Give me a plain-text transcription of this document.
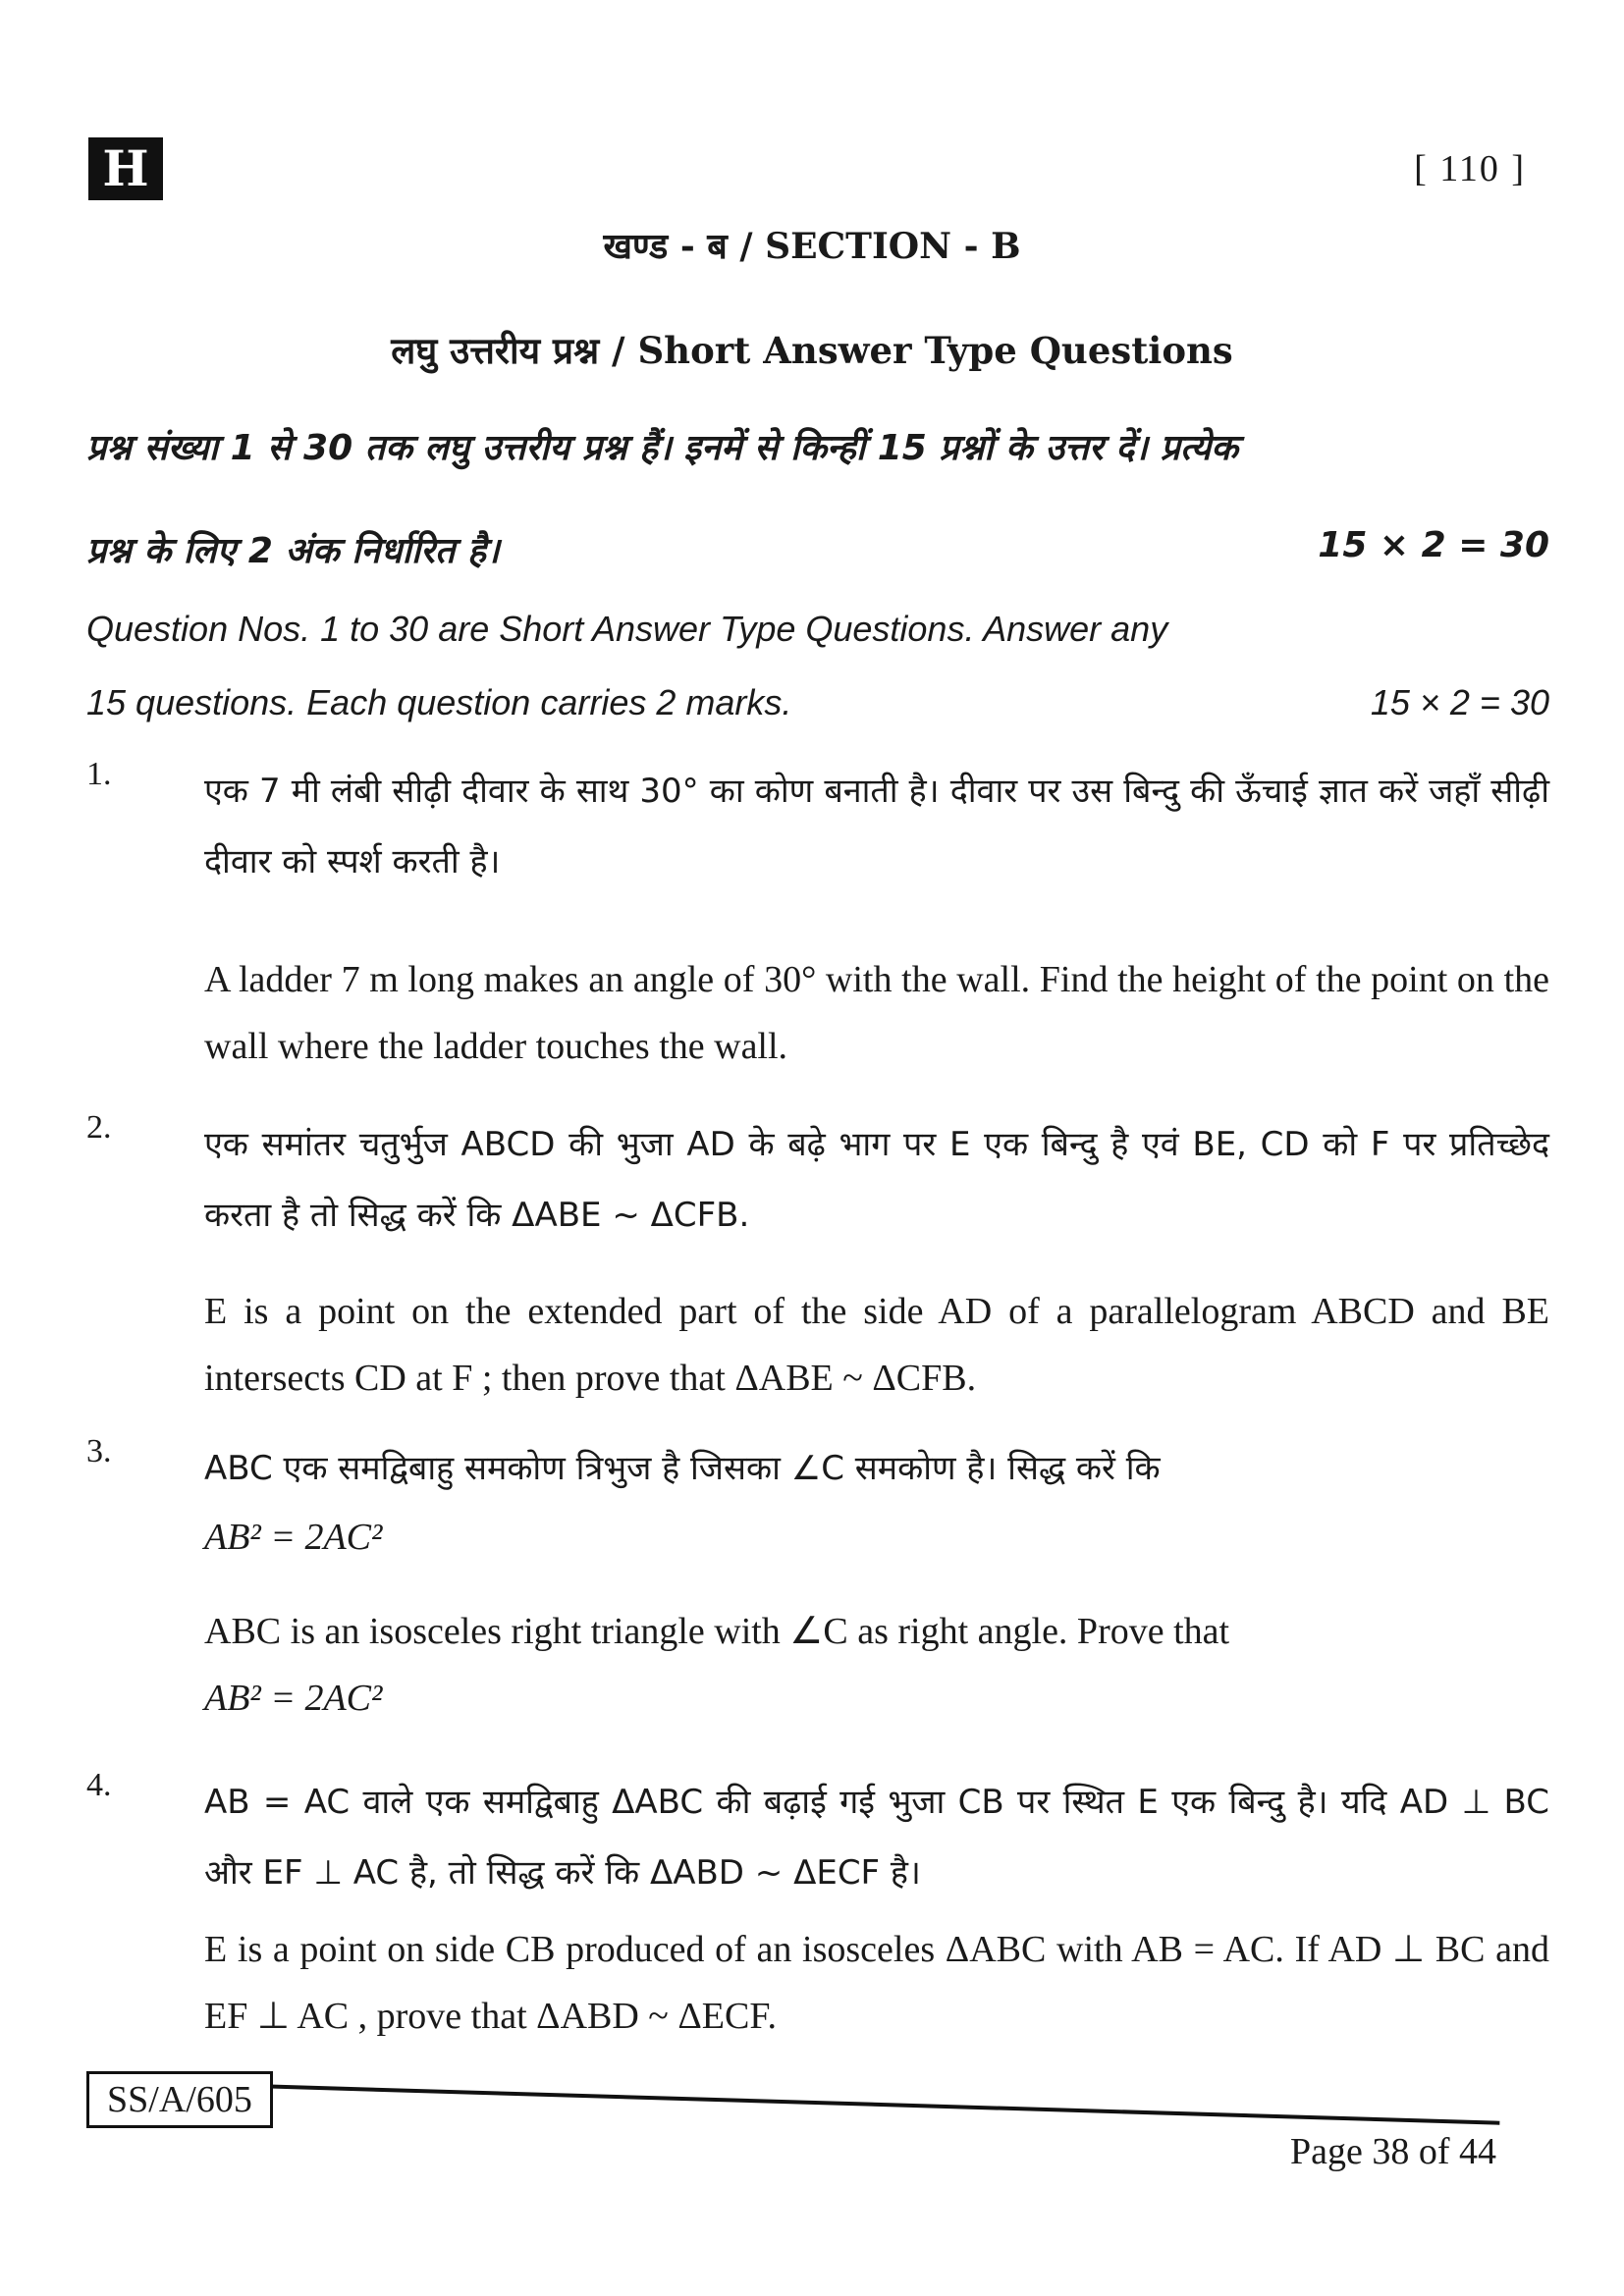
H	[ 110 ]
खण्ड - ब / SECTION - B
लघु उत्तरीय प्रश्न / Short Answer Type Questions
प्रश्न संख्या 1 से 30 तक लघु उत्तरीय प्रश्न हैं। इनमें से किन्हीं 15 प्रश्नों के उत्तर दें। प्रत्येक
प्रश्न के लिए 2 अंक निर्धारित है।	15 × 2 = 30
Question Nos. 1 to 30 are Short Answer Type Questions. Answer any
15 questions. Each question carries 2 marks.	15 × 2 = 30
1.	एक 7 मी लंबी सीढ़ी दीवार के साथ 30° का कोण बनाती है। दीवार पर उस बिन्दु की ऊँचाई ज्ञात करें जहाँ सीढ़ी दीवार को स्पर्श करती है।
A ladder 7 m long makes an angle of 30° with the wall. Find the height of the point on the wall where the ladder touches the wall.
2.	एक समांतर चतुर्भुज ABCD की भुजा AD के बढ़े भाग पर E एक बिन्दु है एवं BE, CD को F पर प्रतिच्छेद करता है तो सिद्ध करें कि ΔABE ~ ΔCFB.
E is a point on the extended part of the side AD of a parallelogram ABCD and BE intersects CD at F ; then prove that ΔABE ~ ΔCFB.
3.	ABC एक समद्विबाहु समकोण त्रिभुज है जिसका ∠C समकोण है। सिद्ध करें कि
AB² = 2AC²
ABC is an isosceles right triangle with ∠C as right angle. Prove that
AB² = 2AC²
4.	AB = AC वाले एक समद्विबाहु ΔABC की बढ़ाई गई भुजा CB पर स्थित E एक बिन्दु है। यदि AD ⊥ BC और EF ⊥ AC है, तो सिद्ध करें कि ΔABD ~ ΔECF है।
E is a point on side CB produced of an isosceles ΔABC with AB = AC. If AD ⊥ BC and EF ⊥ AC , prove that ΔABD ~ ΔECF.
SS/A/605
Page 38 of 44
